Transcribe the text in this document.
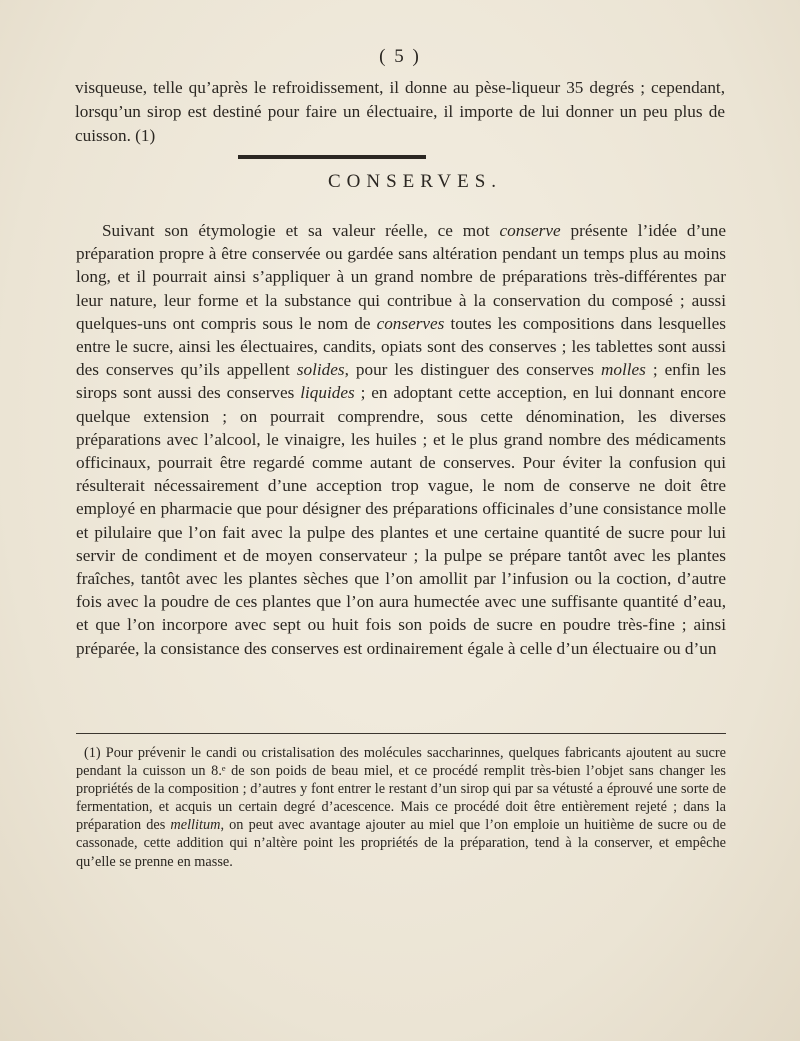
( 5 )
visqueuse, telle qu’après le refroidissement, il donne au pèse-liqueur 35 degrés ; cependant, lorsqu’un sirop est destiné pour faire un électuaire, il importe de lui donner un peu plus de cuisson. (1)
CONSERVES.

Suivant son étymologie et sa valeur réelle, ce mot conserve présente l’idée d’une préparation propre à être conservée ou gardée sans altération pendant un temps plus au moins long, et il pourrait ainsi s’appliquer à un grand nombre de préparations très-différentes par leur nature, leur forme et la substance qui contribue à la conservation du composé ; aussi quelques-uns ont compris sous le nom de conserves toutes les compositions dans lesquelles entre le sucre, ainsi les électuaires, candits, opiats sont des conserves ; les tablettes sont aussi des conserves qu’ils appellent solides, pour les distinguer des conserves molles ; enfin les sirops sont aussi des conserves liquides ; en adoptant cette acception, en lui donnant encore quelque extension ; on pourrait comprendre, sous cette dénomination, les diverses préparations avec l’alcool, le vinaigre, les huiles ; et le plus grand nombre des médicaments officinaux, pourrait être regardé comme autant de conserves. Pour éviter la confusion qui résulterait nécessairement d’une acception trop vague, le nom de conserve ne doit être employé en pharmacie que pour désigner des préparations officinales d’une consistance molle et pilulaire que l’on fait avec la pulpe des plantes et une certaine quantité de sucre pour lui servir de condiment et de moyen conservateur ; la pulpe se prépare tantôt avec les plantes fraîches, tantôt avec les plantes sèches que l’on amollit par l’infusion ou la coction, d’autre fois avec la poudre de ces plantes que l’on aura humectée avec une suffisante quantité d’eau, et que l’on incorpore avec sept ou huit fois son poids de sucre en poudre très-fine ; ainsi préparée, la consistance des conserves est ordinairement égale à celle d’un électuaire ou d’un

(1) Pour prévenir le candi ou cristalisation des molécules saccharinnes, quelques fabricants ajoutent au sucre pendant la cuisson un 8.ᵉ de son poids de beau miel, et ce procédé remplit très-bien l’objet sans changer les propriétés de la composition ; d’autres y font entrer le restant d’un sirop qui par sa vétusté a éprouvé une sorte de fermentation, et acquis un certain degré d’acescence. Mais ce procédé doit être entièrement rejeté ; dans la préparation des mellitum, on peut avec avantage ajouter au miel que l’on emploie un huitième de sucre ou de cassonade, cette addition qui n’altère point les propriétés de la préparation, tend à la conserver, et empêche qu’elle se prenne en masse.
